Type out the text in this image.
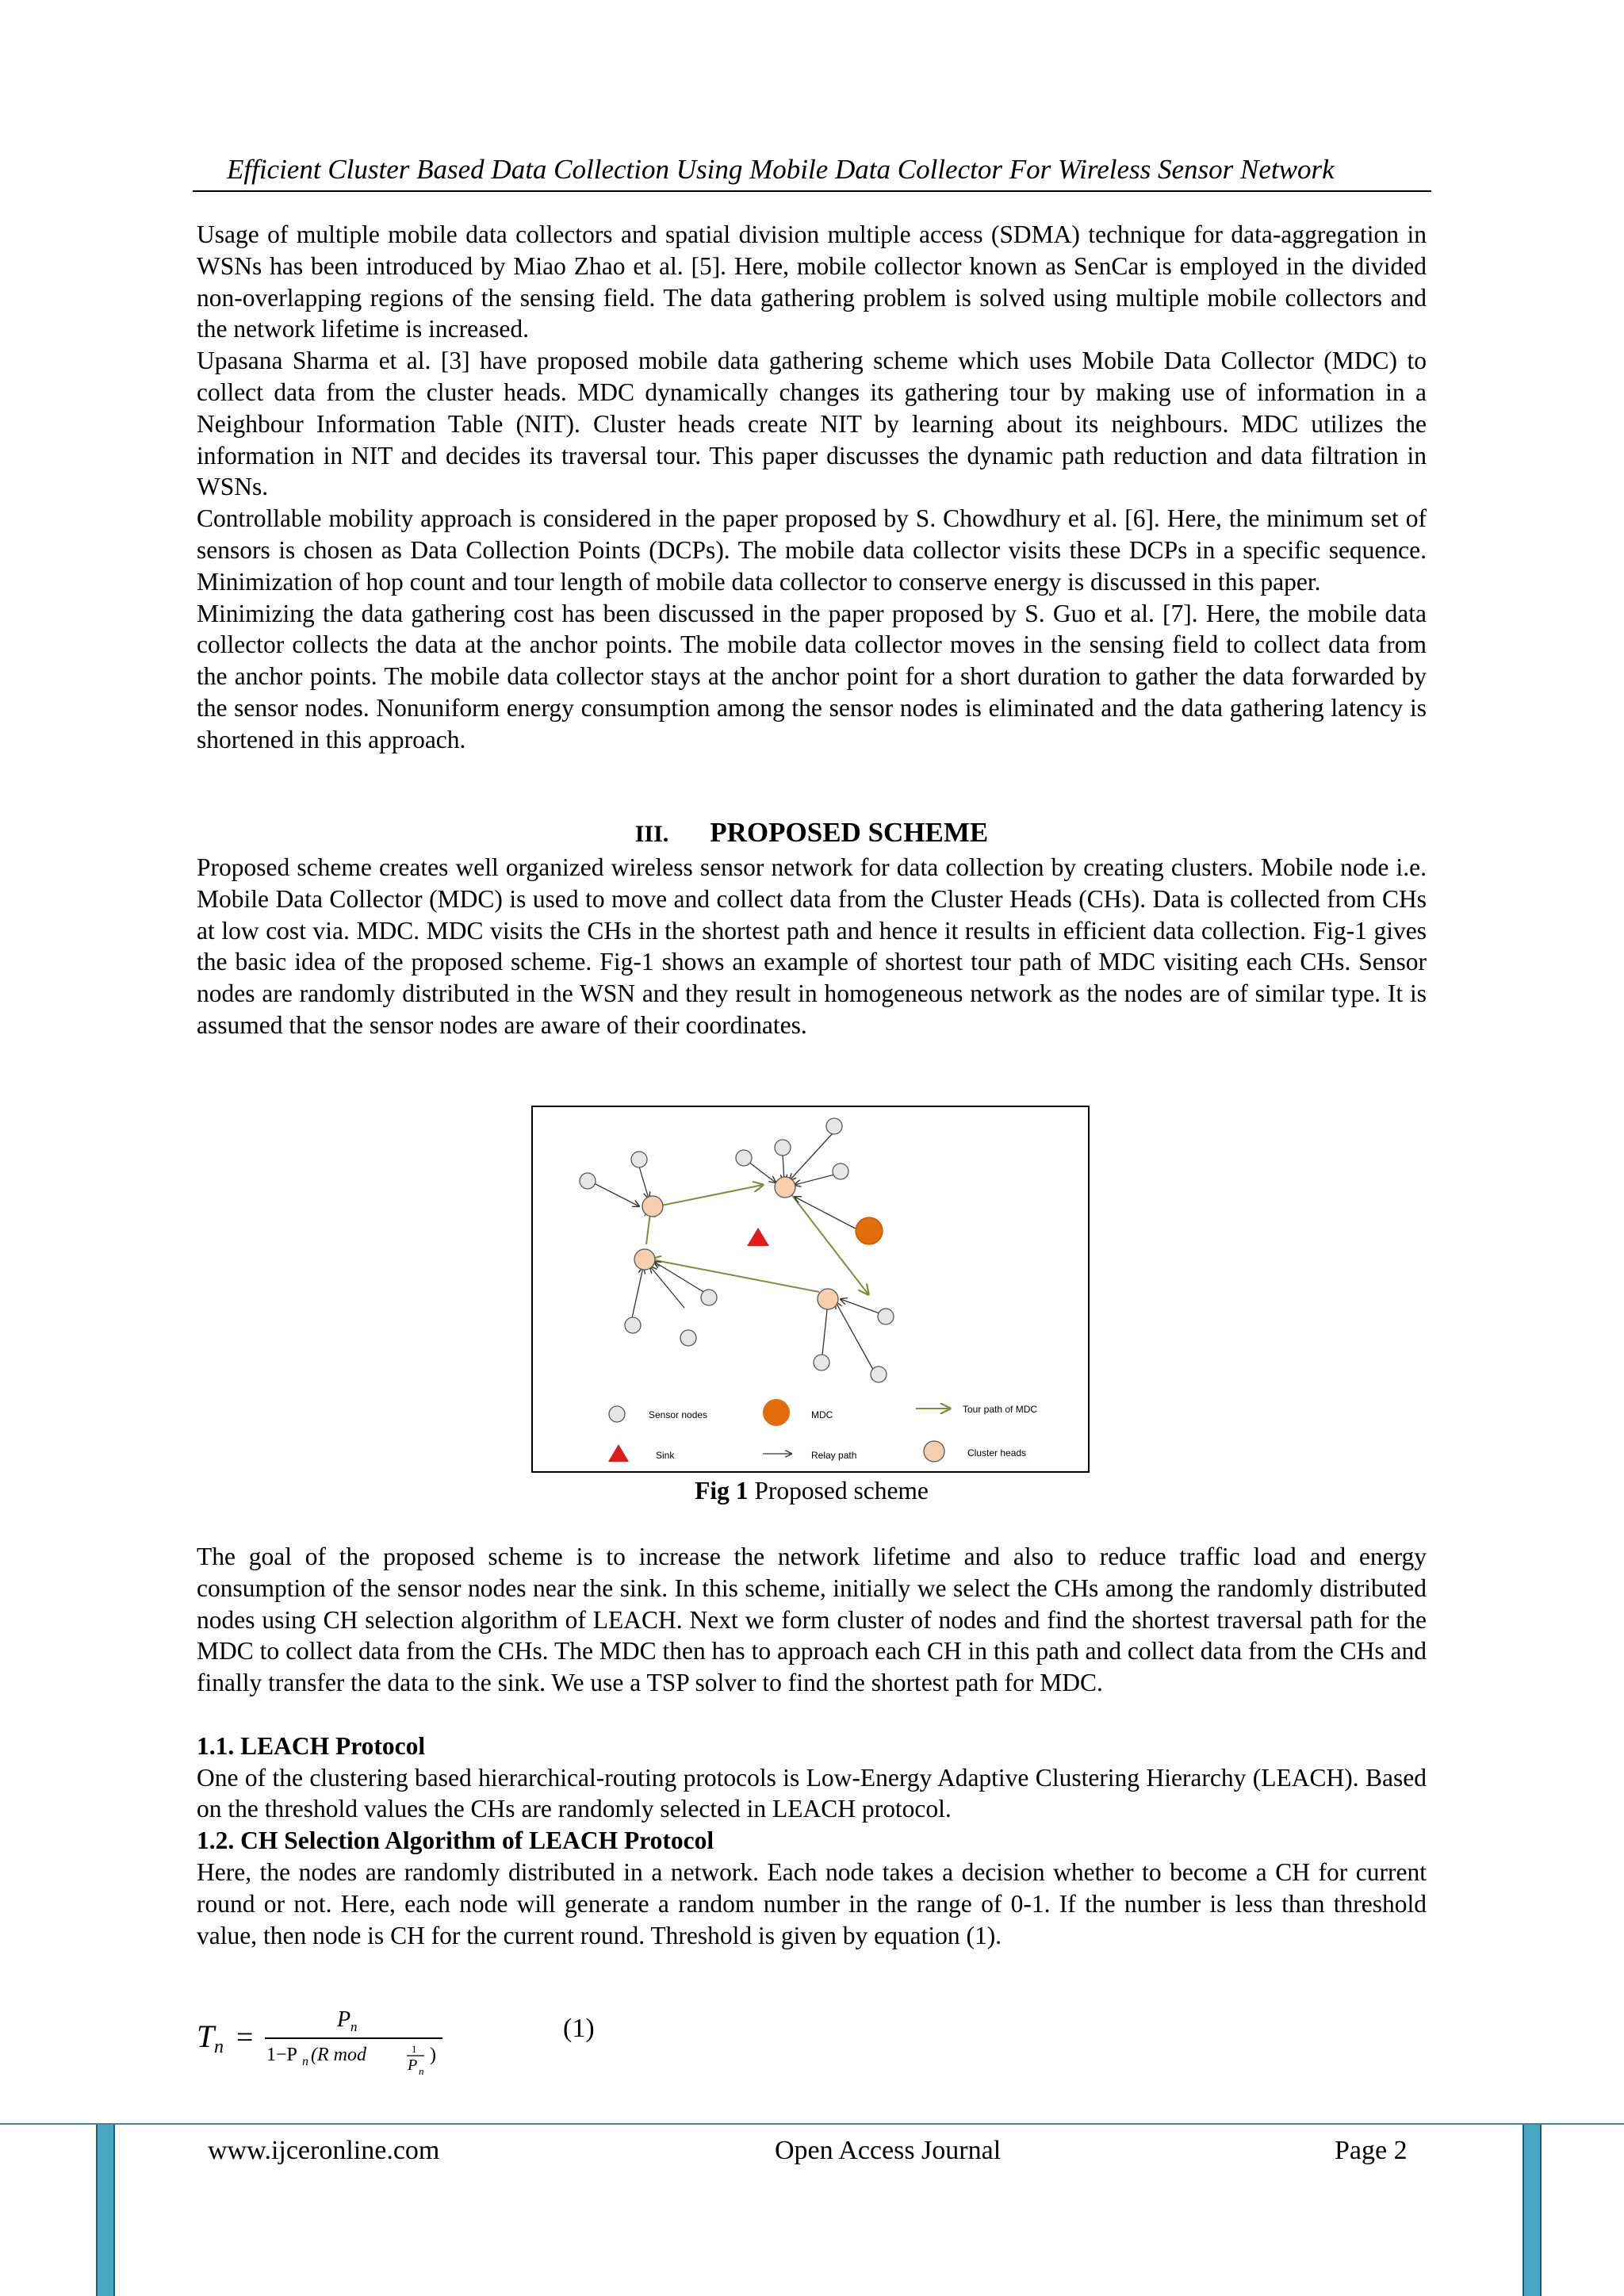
Efficient Cluster Based Data Collection Using Mobile Data Collector For Wireless Sensor Network

Usage of multiple mobile data collectors and spatial division multiple access (SDMA) technique for data-aggregation in WSNs has been introduced by Miao Zhao et al. [5]. Here, mobile collector known as SenCar is employed in the divided non-overlapping regions of the sensing field. The data gathering problem is solved using multiple mobile collectors and the network lifetime is increased.

Upasana Sharma et al. [3] have proposed mobile data gathering scheme which uses Mobile Data Collector (MDC) to collect data from the cluster heads. MDC dynamically changes its gathering tour by making use of information in a Neighbour Information Table (NIT). Cluster heads create NIT by learning about its neighbours. MDC utilizes the information in NIT and decides its traversal tour. This paper discusses the dynamic path reduction and data filtration in WSNs.

Controllable mobility approach is considered in the paper proposed by S. Chowdhury et al. [6]. Here, the minimum set of sensors is chosen as Data Collection Points (DCPs). The mobile data collector visits these DCPs in a specific sequence. Minimization of hop count and tour length of mobile data collector to conserve energy is discussed in this paper.

Minimizing the data gathering cost has been discussed in the paper proposed by S. Guo et al. [7]. Here, the mobile data collector collects the data at the anchor points. The mobile data collector moves in the sensing field to collect data from the anchor points. The mobile data collector stays at the anchor point for a short duration to gather the data forwarded by the sensor nodes. Nonuniform energy consumption among the sensor nodes is eliminated and the data gathering latency is shortened in this approach.

III. PROPOSED SCHEME

Proposed scheme creates well organized wireless sensor network for data collection by creating clusters. Mobile node i.e. Mobile Data Collector (MDC) is used to move and collect data from the Cluster Heads (CHs). Data is collected from CHs at low cost via. MDC. MDC visits the CHs in the shortest path and hence it results in efficient data collection. Fig-1 gives the basic idea of the proposed scheme. Fig-1 shows an example of shortest tour path of MDC visiting each CHs. Sensor nodes are randomly distributed in the WSN and they result in homogeneous network as the nodes are of similar type. It is assumed that the sensor nodes are aware of their coordinates.

Sensor nodes	MDC	Tour path of MDC
Sink	Relay path	Cluster heads
Fig 1 Proposed scheme

The goal of the proposed scheme is to increase the network lifetime and also to reduce traffic load and energy consumption of the sensor nodes near the sink. In this scheme, initially we select the CHs among the randomly distributed nodes using CH selection algorithm of LEACH. Next we form cluster of nodes and find the shortest traversal path for the MDC to collect data from the CHs. The MDC then has to approach each CH in this path and collect data from the CHs and finally transfer the data to the sink. We use a TSP solver to find the shortest path for MDC.

1.1. LEACH Protocol

One of the clustering based hierarchical-routing protocols is Low-Energy Adaptive Clustering Hierarchy (LEACH). Based on the threshold values the CHs are randomly selected in LEACH protocol.

1.2. CH Selection Algorithm of LEACH Protocol

Here, the nodes are randomly distributed in a network. Each node takes a decision whether to become a CH for current round or not. Here, each node will generate a random number in the range of 0-1. If the number is less than threshold value, then node is CH for the current round. Threshold is given by equation (1).

T n =
P n
1−P n (R mod	1
P n
)
(1)
www.ijceronline.com	Open Access Journal	Page 2
